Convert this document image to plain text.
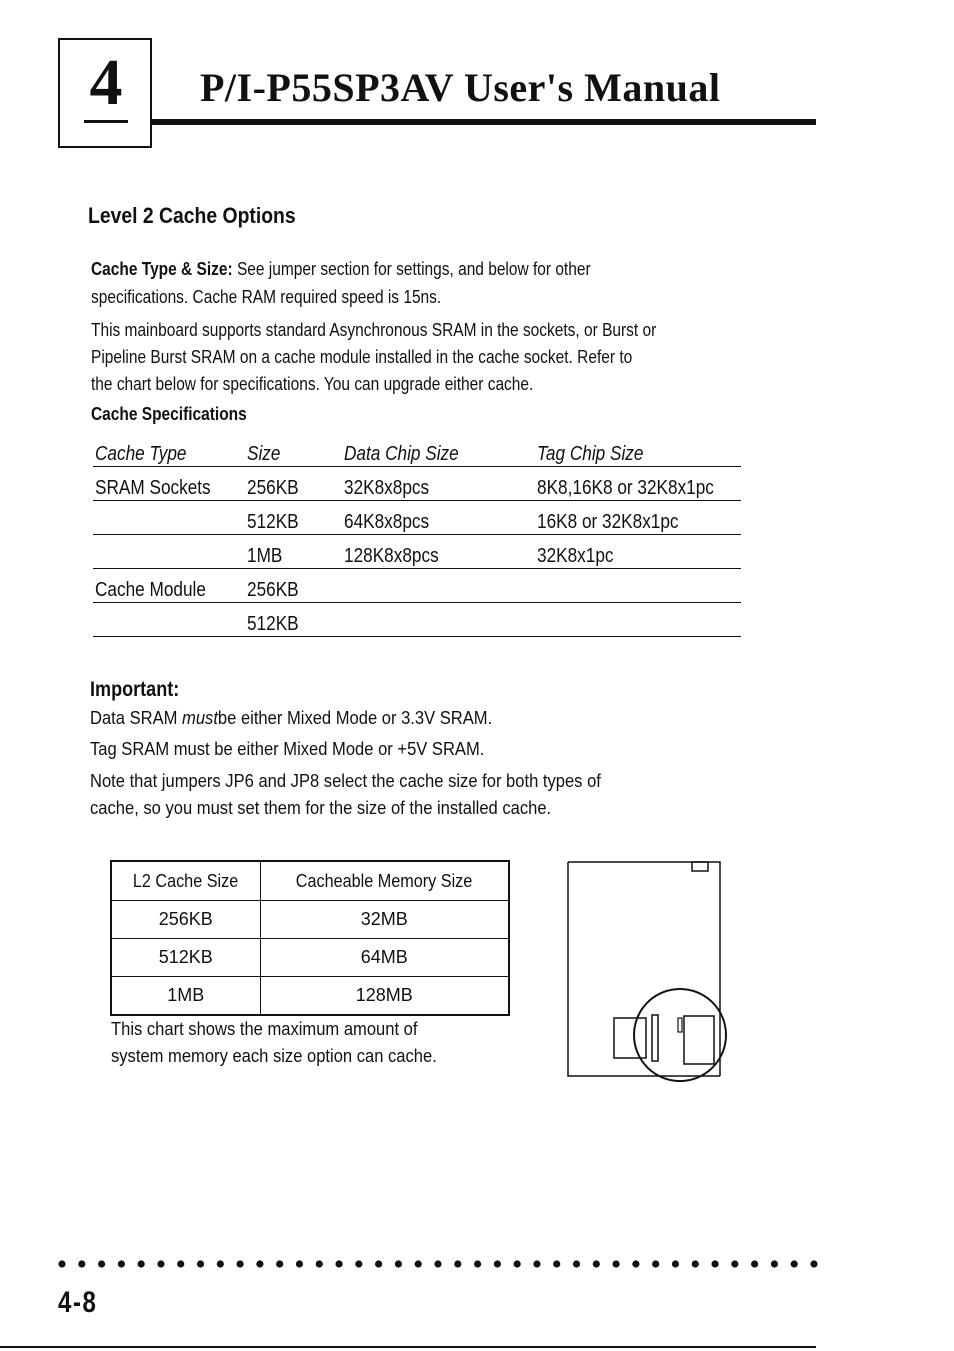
4	P/I-P55SP3AV User's Manual
Level 2 Cache Options
Cache Type & Size: See jumper section for settings, and below for other
specifications. Cache RAM required speed is 15ns.
This mainboard supports standard Asynchronous SRAM in the sockets, or Burst or
Pipeline Burst SRAM on a cache module installed in the cache socket. Refer to
the chart below for specifications. You can upgrade either cache.
Cache Specifications
Cache Type	Size	Data Chip Size	Tag Chip Size
SRAM Sockets	256KB	32K8x8pcs	8K8,16K8 or 32K8x1pc
	512KB	64K8x8pcs	16K8 or 32K8x1pc
	1MB	128K8x8pcs	32K8x1pc
Cache Module	256KB		
	512KB		
Important:
Data SRAM mustbe either Mixed Mode or 3.3V SRAM.
Tag SRAM must be either Mixed Mode or +5V SRAM.
Note that jumpers JP6 and JP8 select the cache size for both types of
cache, so you must set them for the size of the installed cache.
L2 Cache Size	Cacheable Memory Size
256KB	32MB
512KB	64MB
1MB	128MB
This chart shows the maximum amount of
system memory each size option can cache.
4-8
